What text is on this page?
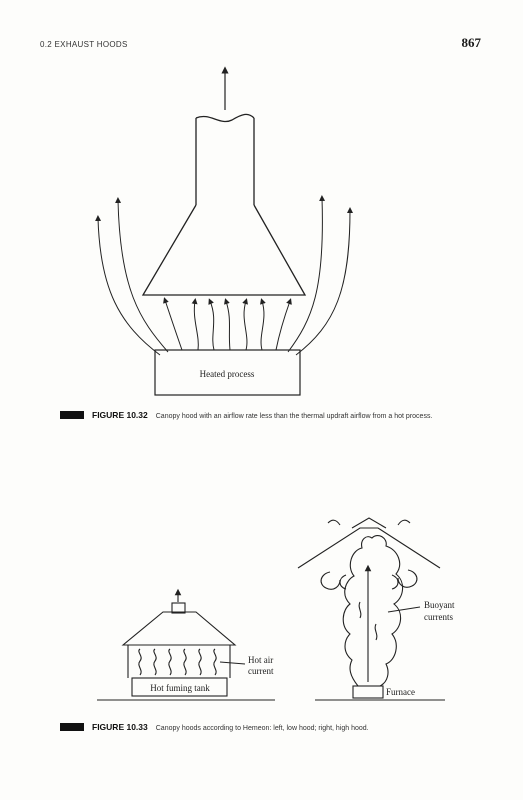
0.2 EXHAUST HOODS	867
Heated process
FIGURE 10.32 Canopy hood with an airflow rate less than the thermal updraft airflow from a hot process.
Hot fuming tank
Hot air
current
Buoyant
currents
Furnace
FIGURE 10.33 Canopy hoods according to Hemeon: left, low hood; right, high hood.
